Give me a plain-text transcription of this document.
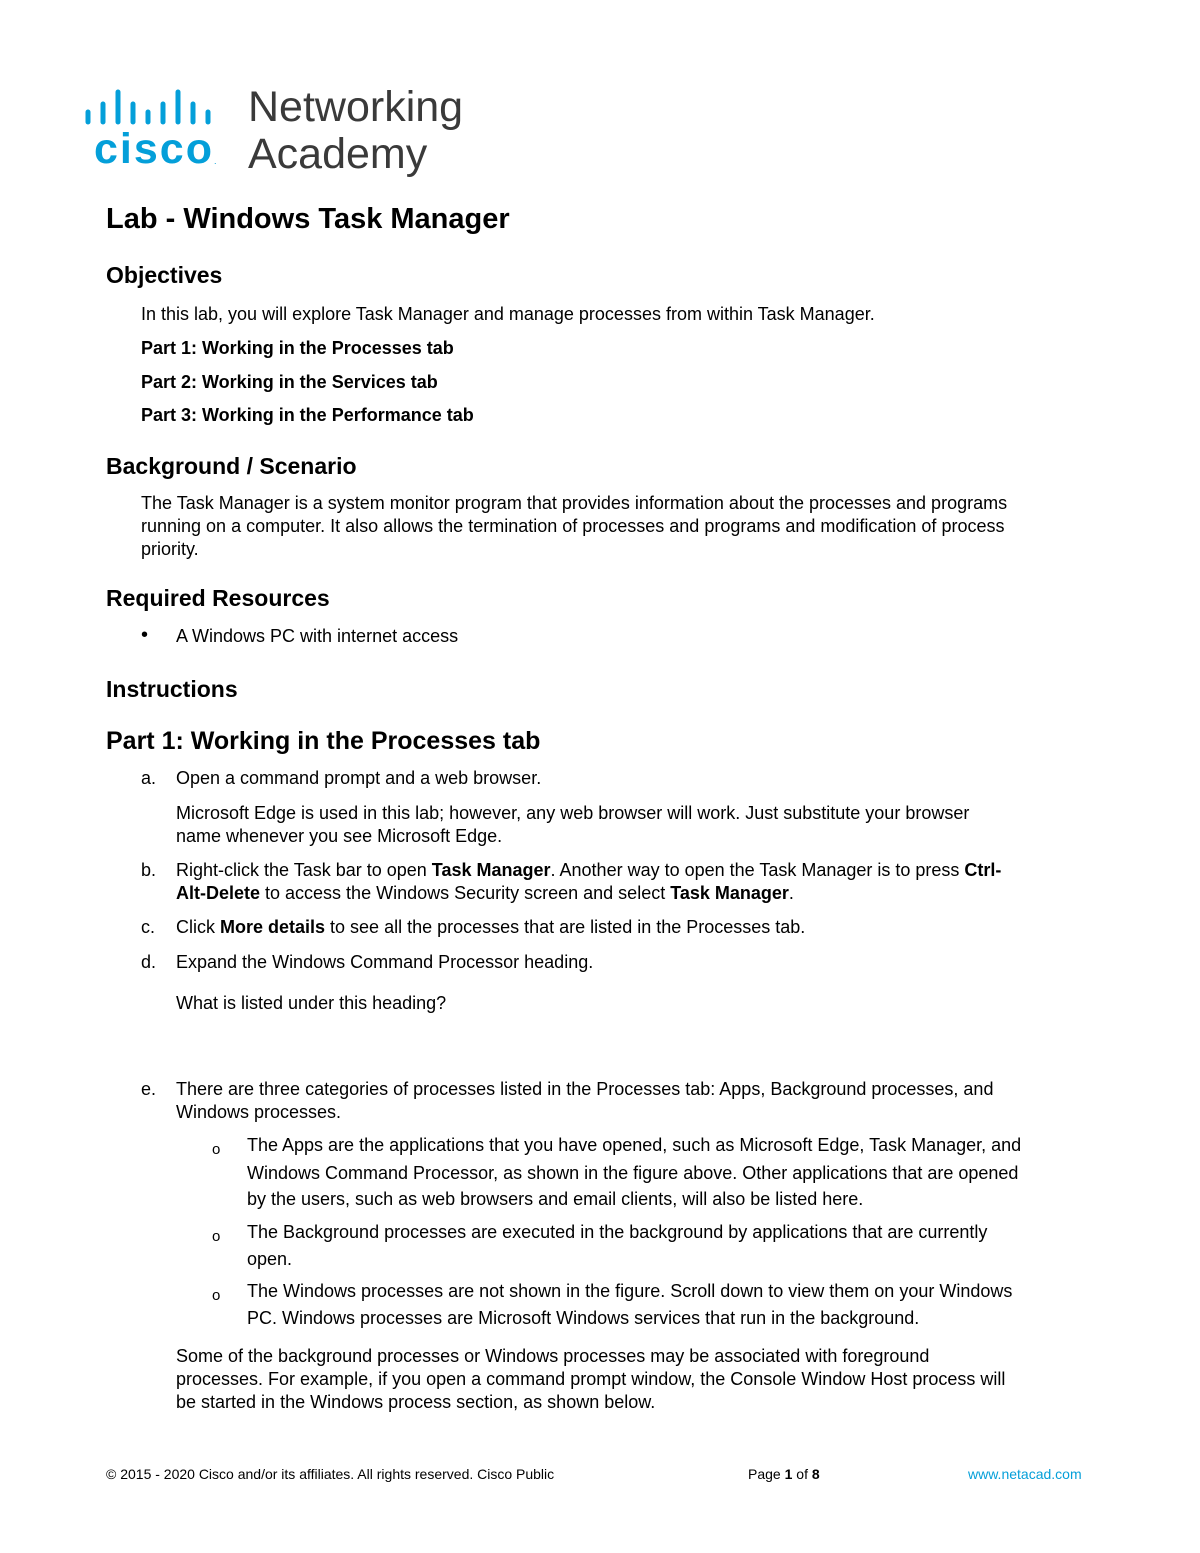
cisco .
Networking
Academy
Lab - Windows Task Manager
Objectives
In this lab, you will explore Task Manager and manage processes from within Task Manager.
Part 1: Working in the Processes tab
Part 2: Working in the Services tab
Part 3: Working in the Performance tab
Background / Scenario
The Task Manager is a system monitor program that provides information about the processes and programs
running on a computer. It also allows the termination of processes and programs and modification of process
priority.
Required Resources
• A Windows PC with internet access
Instructions
Part 1: Working in the Processes tab
a. Open a command prompt and a web browser.
Microsoft Edge is used in this lab; however, any web browser will work. Just substitute your browser
name whenever you see Microsoft Edge.
b. Right-click the Task bar to open Task Manager. Another way to open the Task Manager is to press Ctrl-
Alt-Delete to access the Windows Security screen and select Task Manager.
c. Click More details to see all the processes that are listed in the Processes tab.
d. Expand the Windows Command Processor heading.
What is listed under this heading?
e. There are three categories of processes listed in the Processes tab: Apps, Background processes, and
Windows processes.
o The Apps are the applications that you have opened, such as Microsoft Edge, Task Manager, and
Windows Command Processor, as shown in the figure above. Other applications that are opened
by the users, such as web browsers and email clients, will also be listed here.
o The Background processes are executed in the background by applications that are currently
open.
o The Windows processes are not shown in the figure. Scroll down to view them on your Windows
PC. Windows processes are Microsoft Windows services that run in the background.
Some of the background processes or Windows processes may be associated with foreground
processes. For example, if you open a command prompt window, the Console Window Host process will
be started in the Windows process section, as shown below.
© 2015 - 2020 Cisco and/or its affiliates. All rights reserved. Cisco Public	Page 1 of 8	www.netacad.com
